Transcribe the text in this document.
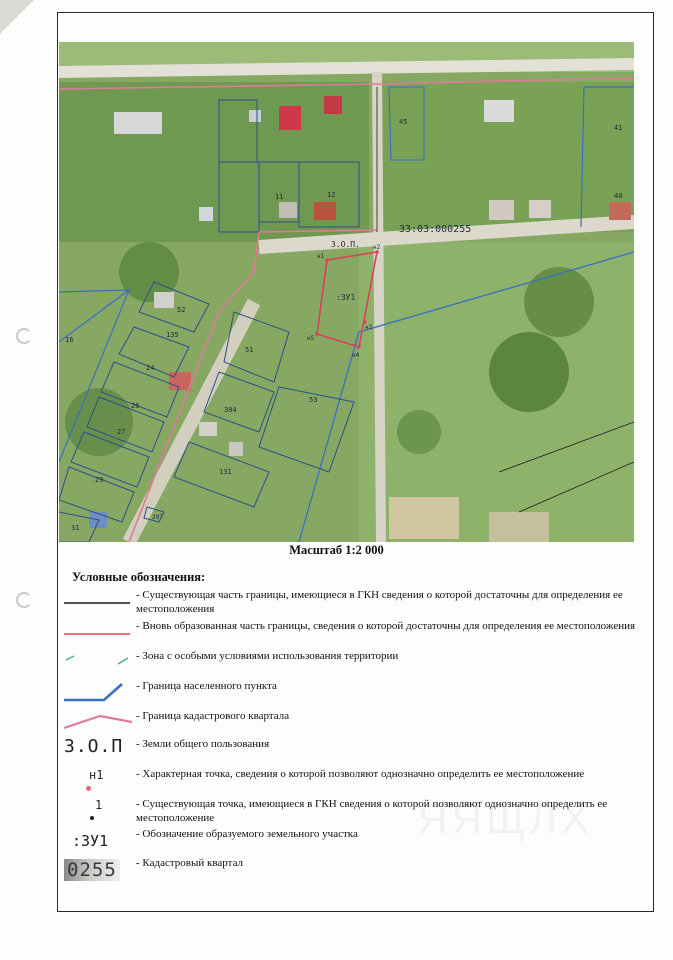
33:03:000255
З.О.П.
:ЗУ1
н1
н2
н3
н4
н5
45
41
40
11	12
16
52
135
24
26
27
29
31
51
304
53
131
297
Масштаб 1:2 000
Условные обозначения:
- Существующая часть границы, имеющиеся в ГКН сведения о которой достаточны для определения ее местоположения
- Вновь образованная часть границы, сведения о которой достаточны для определения ее местоположения
- Зона с особыми условиями использования территории
- Граница населенного пункта
- Граница кадастрового квартала
З.О.П - Земли общего пользования
н1	- Характерная точка, сведения о которой позволяют однозначно определить ее местоположение
1	- Существующая точка, имеющиеся в ГКН сведения о которой позволяют однозначно определить ее местоположение
:ЗУ1	- Обозначение образуемого земельного участка
0255 - Кадастровый квартал
